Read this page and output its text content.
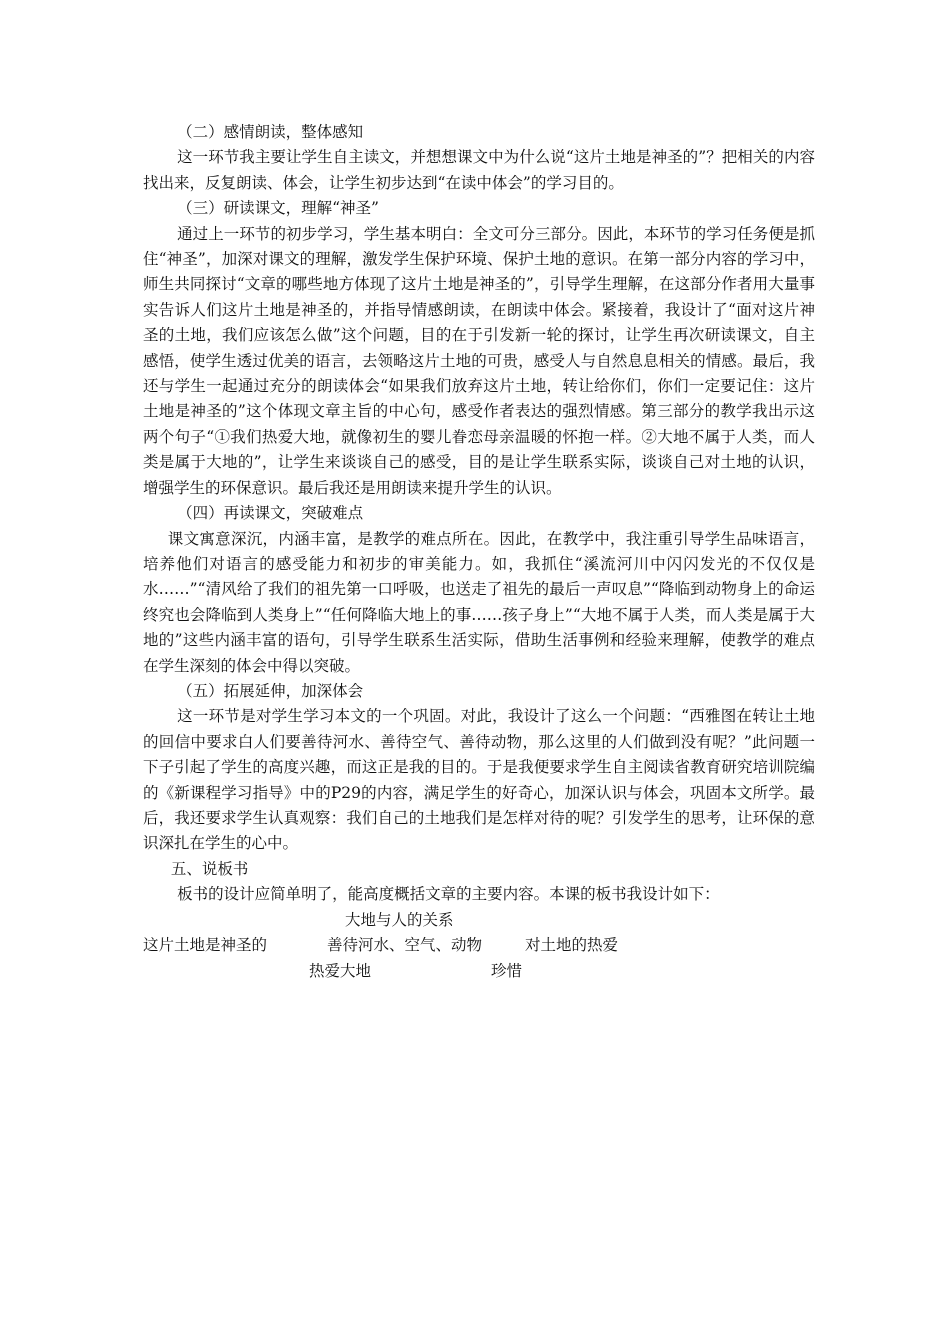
（二）感情朗读，整体感知

这一环节我主要让学生自主读文，并想想课文中为什么说“这片土地是神圣的”？把相关的内容找出来，反复朗读、体会，让学生初步达到“在读中体会”的学习目的。

（三）研读课文，理解“神圣”

通过上一环节的初步学习，学生基本明白：全文可分三部分。因此，本环节的学习任务便是抓住“神圣”，加深对课文的理解，激发学生保护环境、保护土地的意识。在第一部分内容的学习中，师生共同探讨“文章的哪些地方体现了这片土地是神圣的”，引导学生理解，在这部分作者用大量事实告诉人们这片土地是神圣的，并指导情感朗读，在朗读中体会。紧接着，我设计了“面对这片神圣的土地，我们应该怎么做”这个问题，目的在于引发新一轮的探讨，让学生再次研读课文，自主感悟，使学生透过优美的语言，去领略这片土地的可贵，感受人与自然息息相关的情感。最后，我还与学生一起通过充分的朗读体会“如果我们放弃这片土地，转让给你们，你们一定要记住：这片土地是神圣的”这个体现文章主旨的中心句，感受作者表达的强烈情感。第三部分的教学我出示这两个句子“①我们热爱大地，就像初生的婴儿眷恋母亲温暖的怀抱一样。②大地不属于人类，而人类是属于大地的”，让学生来谈谈自己的感受，目的是让学生联系实际，谈谈自己对土地的认识，增强学生的环保意识。最后我还是用朗读来提升学生的认识。

（四）再读课文，突破难点

课文寓意深沉，内涵丰富，是教学的难点所在。因此，在教学中，我注重引导学生品味语言，培养他们对语言的感受能力和初步的审美能力。如，我抓住“溪流河川中闪闪发光的不仅仅是水……”“清风给了我们的祖先第一口呼吸，也送走了祖先的最后一声叹息”“降临到动物身上的命运终究也会降临到人类身上”“任何降临大地上的事……孩子身上”“大地不属于人类，而人类是属于大地的”这些内涵丰富的语句，引导学生联系生活实际，借助生活事例和经验来理解，使教学的难点在学生深刻的体会中得以突破。

（五）拓展延伸，加深体会

这一环节是对学生学习本文的一个巩固。对此，我设计了这么一个问题：“西雅图在转让土地的回信中要求白人们要善待河水、善待空气、善待动物，那么这里的人们做到没有呢？”此问题一下子引起了学生的高度兴趣，而这正是我的目的。于是我便要求学生自主阅读省教育研究培训院编的《新课程学习指导》中的P29的内容，满足学生的好奇心，加深认识与体会，巩固本文所学。最后，我还要求学生认真观察：我们自己的土地我们是怎样对待的呢？引发学生的思考，让环保的意识深扎在学生的心中。

五、说板书

板书的设计应简单明了，能高度概括文章的主要内容。本课的板书我设计如下：

大地与人的关系
这片土地是神圣的	善待河水、空气、动物	对土地的热爱
热爱大地	珍惜
